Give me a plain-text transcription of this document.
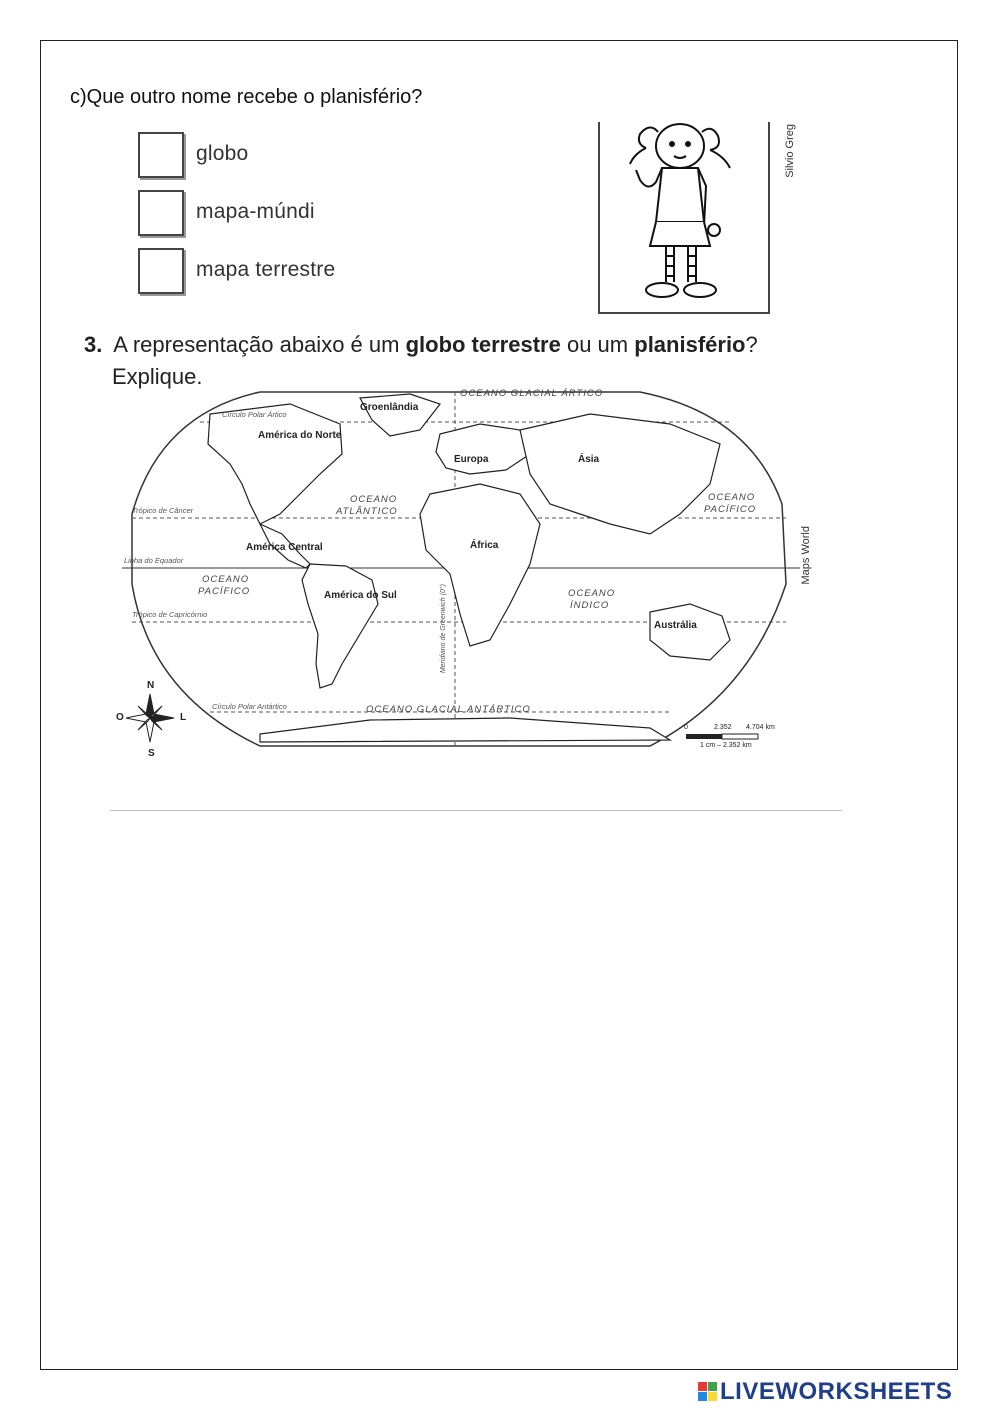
c)Que outro nome recebe o planisfério?
globo
mapa-múndi
mapa terrestre
Silvio Greg
3. A representação abaixo é um globo terrestre ou um planisfério?
Explique.
América do Norte
Groenlândia
América Central
América do Sul
Europa	Ásia
África
Austrália
OCEANO GLACIAL ÁRTICO
OCEANO
ATLÂNTICO
OCEANO
PACÍFICO
OCEANO
PACÍFICO	OCEANO
ÍNDICO
OCEANO GLACIAL ANTÁRTICO
Círculo Polar Ártico
Trópico de Câncer
Linha do Equador
Trópico de Capricórnio
Círculo Polar Antártico
Meridiano de Greenwich (0°)
N
S
L
O
0	2.352 4.704 km
1 cm – 2.352 km
Maps World
LIVEWORKSHEETS
